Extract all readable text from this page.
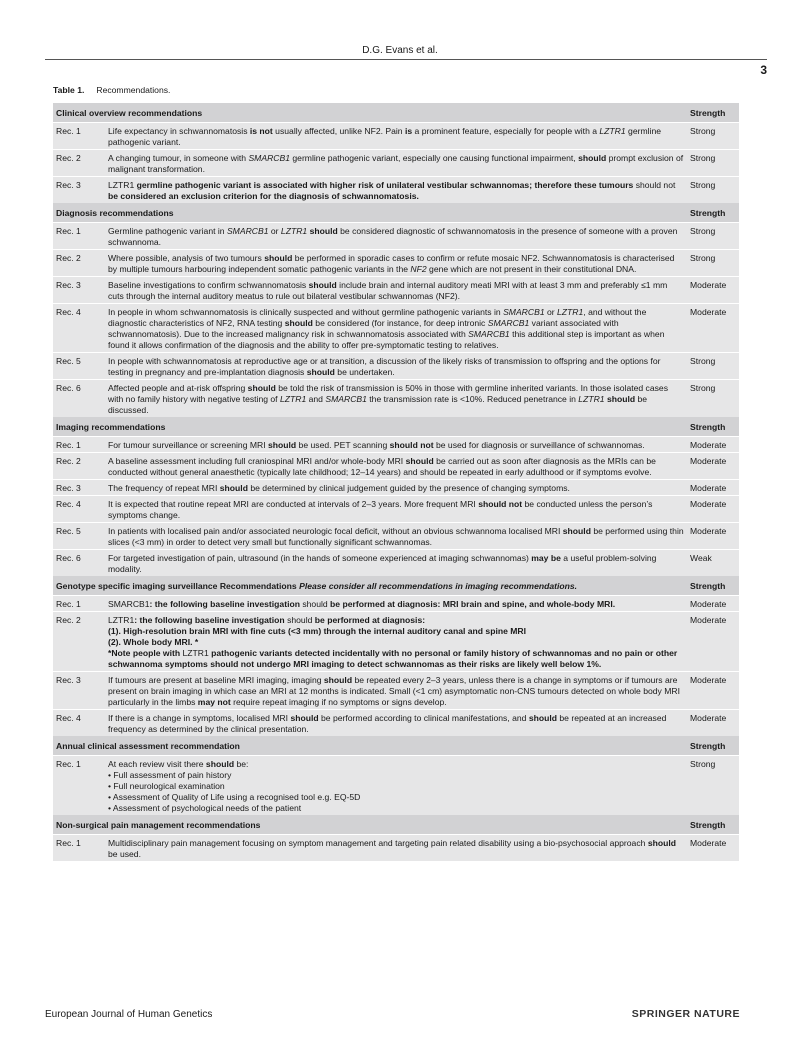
D.G. Evans et al.
3
Table 1. Recommendations.
Clinical overview recommendations		Strength
Rec. 1	Life expectancy in schwannomatosis is not usually affected, unlike NF2. Pain is a prominent feature, especially for people with a LZTR1 germline pathogenic variant.	Strong
Rec. 2	A changing tumour, in someone with SMARCB1 germline pathogenic variant, especially one causing functional impairment, should prompt exclusion of malignant transformation.	Strong
Rec. 3	LZTR1 germline pathogenic variant is associated with higher risk of unilateral vestibular schwannomas; therefore these tumours should not be considered an exclusion criterion for the diagnosis of schwannomatosis.	Strong
Diagnosis recommendations		Strength
Rec. 1	Germline pathogenic variant in SMARCB1 or LZTR1 should be considered diagnostic of schwannomatosis in the presence of someone with a proven schwannoma.	Strong
Rec. 2	Where possible, analysis of two tumours should be performed in sporadic cases to confirm or refute mosaic NF2. Schwannomatosis is characterised by multiple tumours harbouring independent somatic pathogenic variants in the NF2 gene which are not present in their constitutional DNA.	Strong
Rec. 3	Baseline investigations to confirm schwannomatosis should include brain and internal auditory meati MRI with at least 3 mm and preferably ≤1 mm cuts through the internal auditory meatus to rule out bilateral vestibular schwannomas (NF2).	Moderate
Rec. 4	In people in whom schwannomatosis is clinically suspected and without germline pathogenic variants in SMARCB1 or LZTR1, and without the diagnostic characteristics of NF2, RNA testing should be considered (for instance, for deep intronic SMARCB1 variant associated with schwannomatosis). Due to the increased malignancy risk in schwannomatosis associated with SMARCB1 this additional step is important as when found it allows confirmation of the diagnosis and the ability to offer pre-symptomatic testing to relatives.	Moderate
Rec. 5	In people with schwannomatosis at reproductive age or at transition, a discussion of the likely risks of transmission to offspring and the options for testing in pregnancy and pre-implantation diagnosis should be undertaken.	Strong
Rec. 6	Affected people and at-risk offspring should be told the risk of transmission is 50% in those with germline inherited variants. In those isolated cases with no family history with negative testing of LZTR1 and SMARCB1 the transmission rate is <10%. Reduced penetrance in LZTR1 should be discussed.	Strong
Imaging recommendations		Strength
Rec. 1	For tumour surveillance or screening MRI should be used. PET scanning should not be used for diagnosis or surveillance of schwannomas.	Moderate
Rec. 2	A baseline assessment including full craniospinal MRI and/or whole-body MRI should be carried out as soon after diagnosis as the MRIs can be conducted without general anaesthetic (typically late childhood; 12–14 years) and should be repeated in early adulthood or if symptoms evolve.	Moderate
Rec. 3	The frequency of repeat MRI should be determined by clinical judgement guided by the presence of changing symptoms.	Moderate
Rec. 4	It is expected that routine repeat MRI are conducted at intervals of 2–3 years. More frequent MRI should not be conducted unless the person’s symptoms change.	Moderate
Rec. 5	In patients with localised pain and/or associated neurologic focal deficit, without an obvious schwannoma localised MRI should be performed using thin slices (<3 mm) in order to detect very small but functionally significant schwannomas.	Moderate
Rec. 6	For targeted investigation of pain, ultrasound (in the hands of someone experienced at imaging schwannomas) may be a useful problem-solving modality.	Weak
Genotype specific imaging surveillance Recommendations Please consider all recommendations in imaging recommendations.		Strength
Rec. 1	SMARCB1: the following baseline investigation should be performed at diagnosis: MRI brain and spine, and whole-body MRI.	Moderate
Rec. 2	LZTR1: the following baseline investigation should be performed at diagnosis:
(1). High-resolution brain MRI with fine cuts (<3 mm) through the internal auditory canal and spine MRI
(2). Whole body MRI. *
*Note people with LZTR1 pathogenic variants detected incidentally with no personal or family history of schwannomas and no pain or other schwannoma symptoms should not undergo MRI imaging to detect schwannomas as their risks are likely well below 1%.	Moderate
Rec. 3	If tumours are present at baseline MRI imaging, imaging should be repeated every 2–3 years, unless there is a change in symptoms or if tumours are present on brain imaging in which case an MRI at 12 months is indicated. Small (<1 cm) asymptomatic non-CNS tumours detected on whole body MRI particularly in the limbs may not require repeat imaging if no symptoms or signs develop.	Moderate
Rec. 4	If there is a change in symptoms, localised MRI should be performed according to clinical manifestations, and should be repeated at an increased frequency as determined by the clinical presentation.	Moderate
Annual clinical assessment recommendation		Strength
Rec. 1	At each review visit there should be:
• Full assessment of pain history
• Full neurological examination
• Assessment of Quality of Life using a recognised tool e.g. EQ-5D
• Assessment of psychological needs of the patient	Strong
Non-surgical pain management recommendations		Strength
Rec. 1	Multidisciplinary pain management focusing on symptom management and targeting pain related disability using a bio-psychosocial approach should be used.	Moderate
European Journal of Human Genetics	SPRINGER NATURE
